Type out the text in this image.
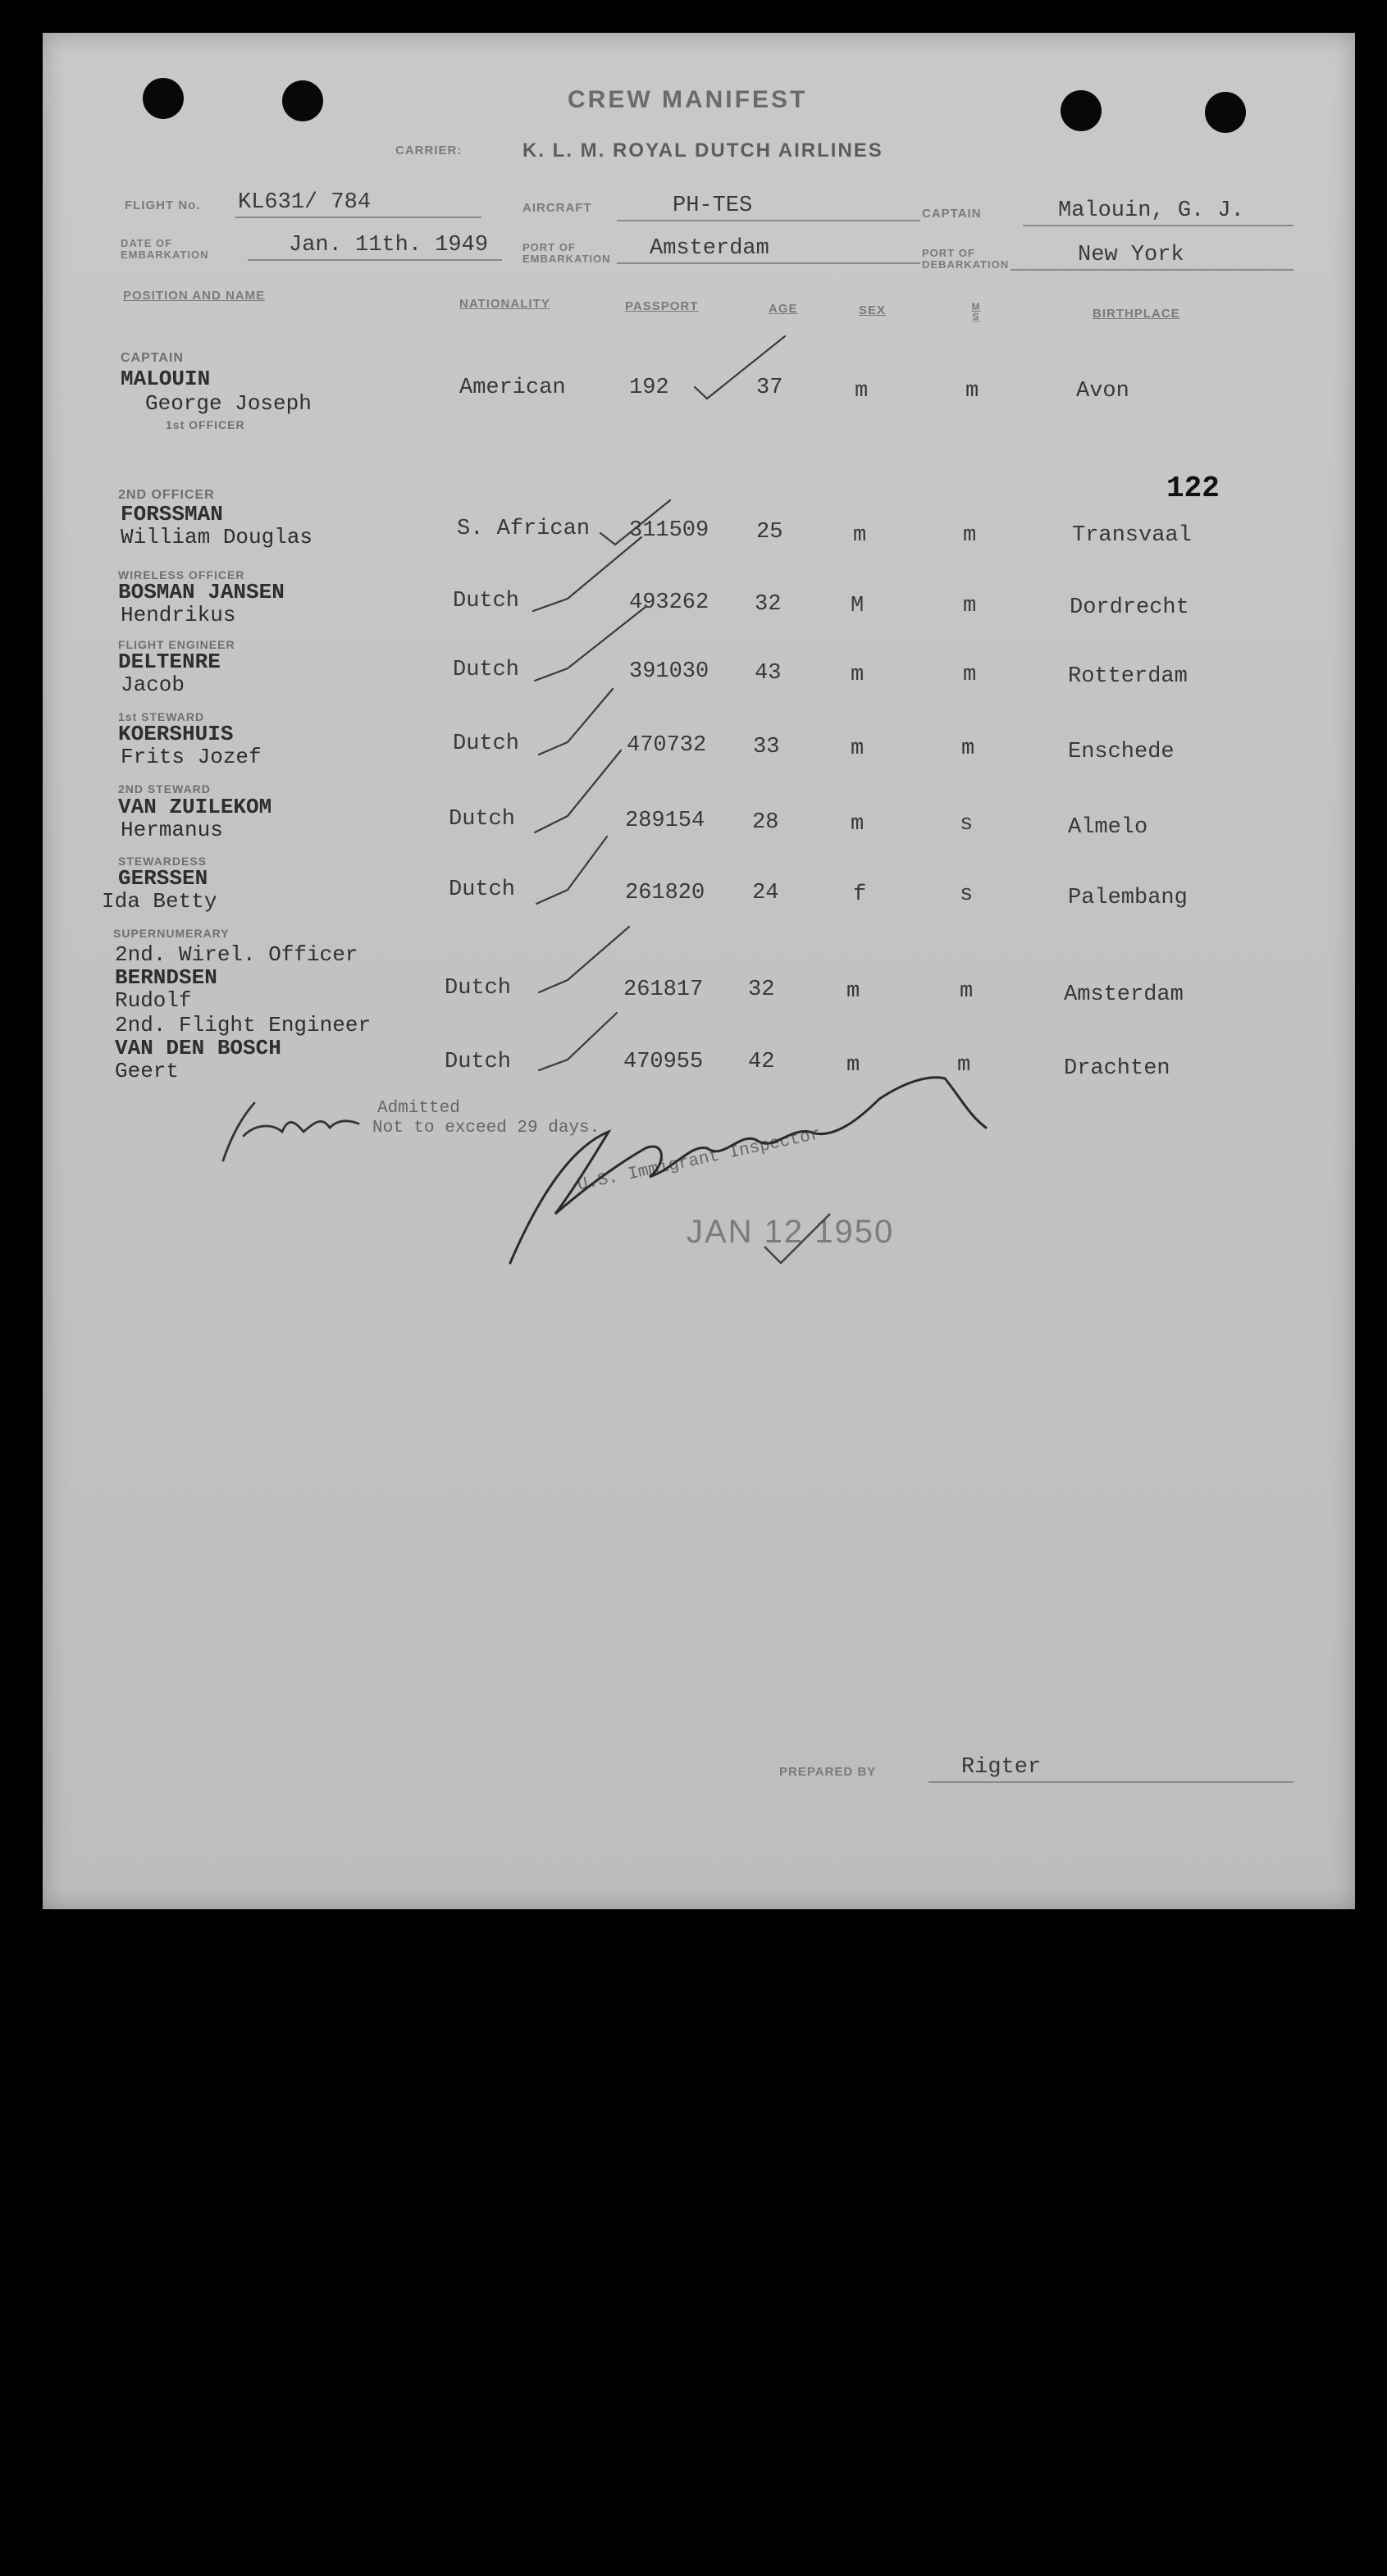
CREW MANIFEST
CARRIER:	K. L. M. ROYAL DUTCH AIRLINES
FLIGHT No. KL631/ 784	AIRCRAFT	PH-TES	CAPTAIN	Malouin, G. J.
DATE OF EMBARKATION	Jan. 11th. 1949	PORT OF EMBARKATION	Amsterdam	PORT OF DEBARKATION	New York
POSITION AND NAME
NATIONALITY	PASSPORT	AGE	SEX	M S	BIRTHPLACE
122
CAPTAIN
MALOUIN
George Joseph
1st OFFICER
American	192	37	m	m	Avon
2ND OFFICER
FORSSMAN
William Douglas	S. African 311509 25	m	m	Transvaal
WIRELESS OFFICER
BOSMAN JANSEN
Hendrikus
Dutch	493262 32	M	m	Dordrecht
FLIGHT ENGINEER
DELTENRE
Jacob
Dutch	391030 43	m	m	Rotterdam
1st STEWARD
KOERSHUIS
Frits Jozef
Dutch	470732 33	m	m	Enschede
2ND STEWARD
VAN ZUILEKOM
Hermanus	Dutch	289154 28	m	s	Almelo
STEWARDESS
GERSSEN
Ida Betty	Dutch	261820 24	f	s	Palembang
SUPERNUMERARY
2nd. Wirel. Officer
BERNDSEN
Rudolf	Dutch	261817 32	m	m	Amsterdam
2nd. Flight Engineer
VAN DEN BOSCH
Geert	Dutch	470955 42	m	m	Drachten
Admitted
Not to exceed 29 days.
U.S. Immigrant Inspector
JAN 12 1950
PREPARED BY	Rigter
